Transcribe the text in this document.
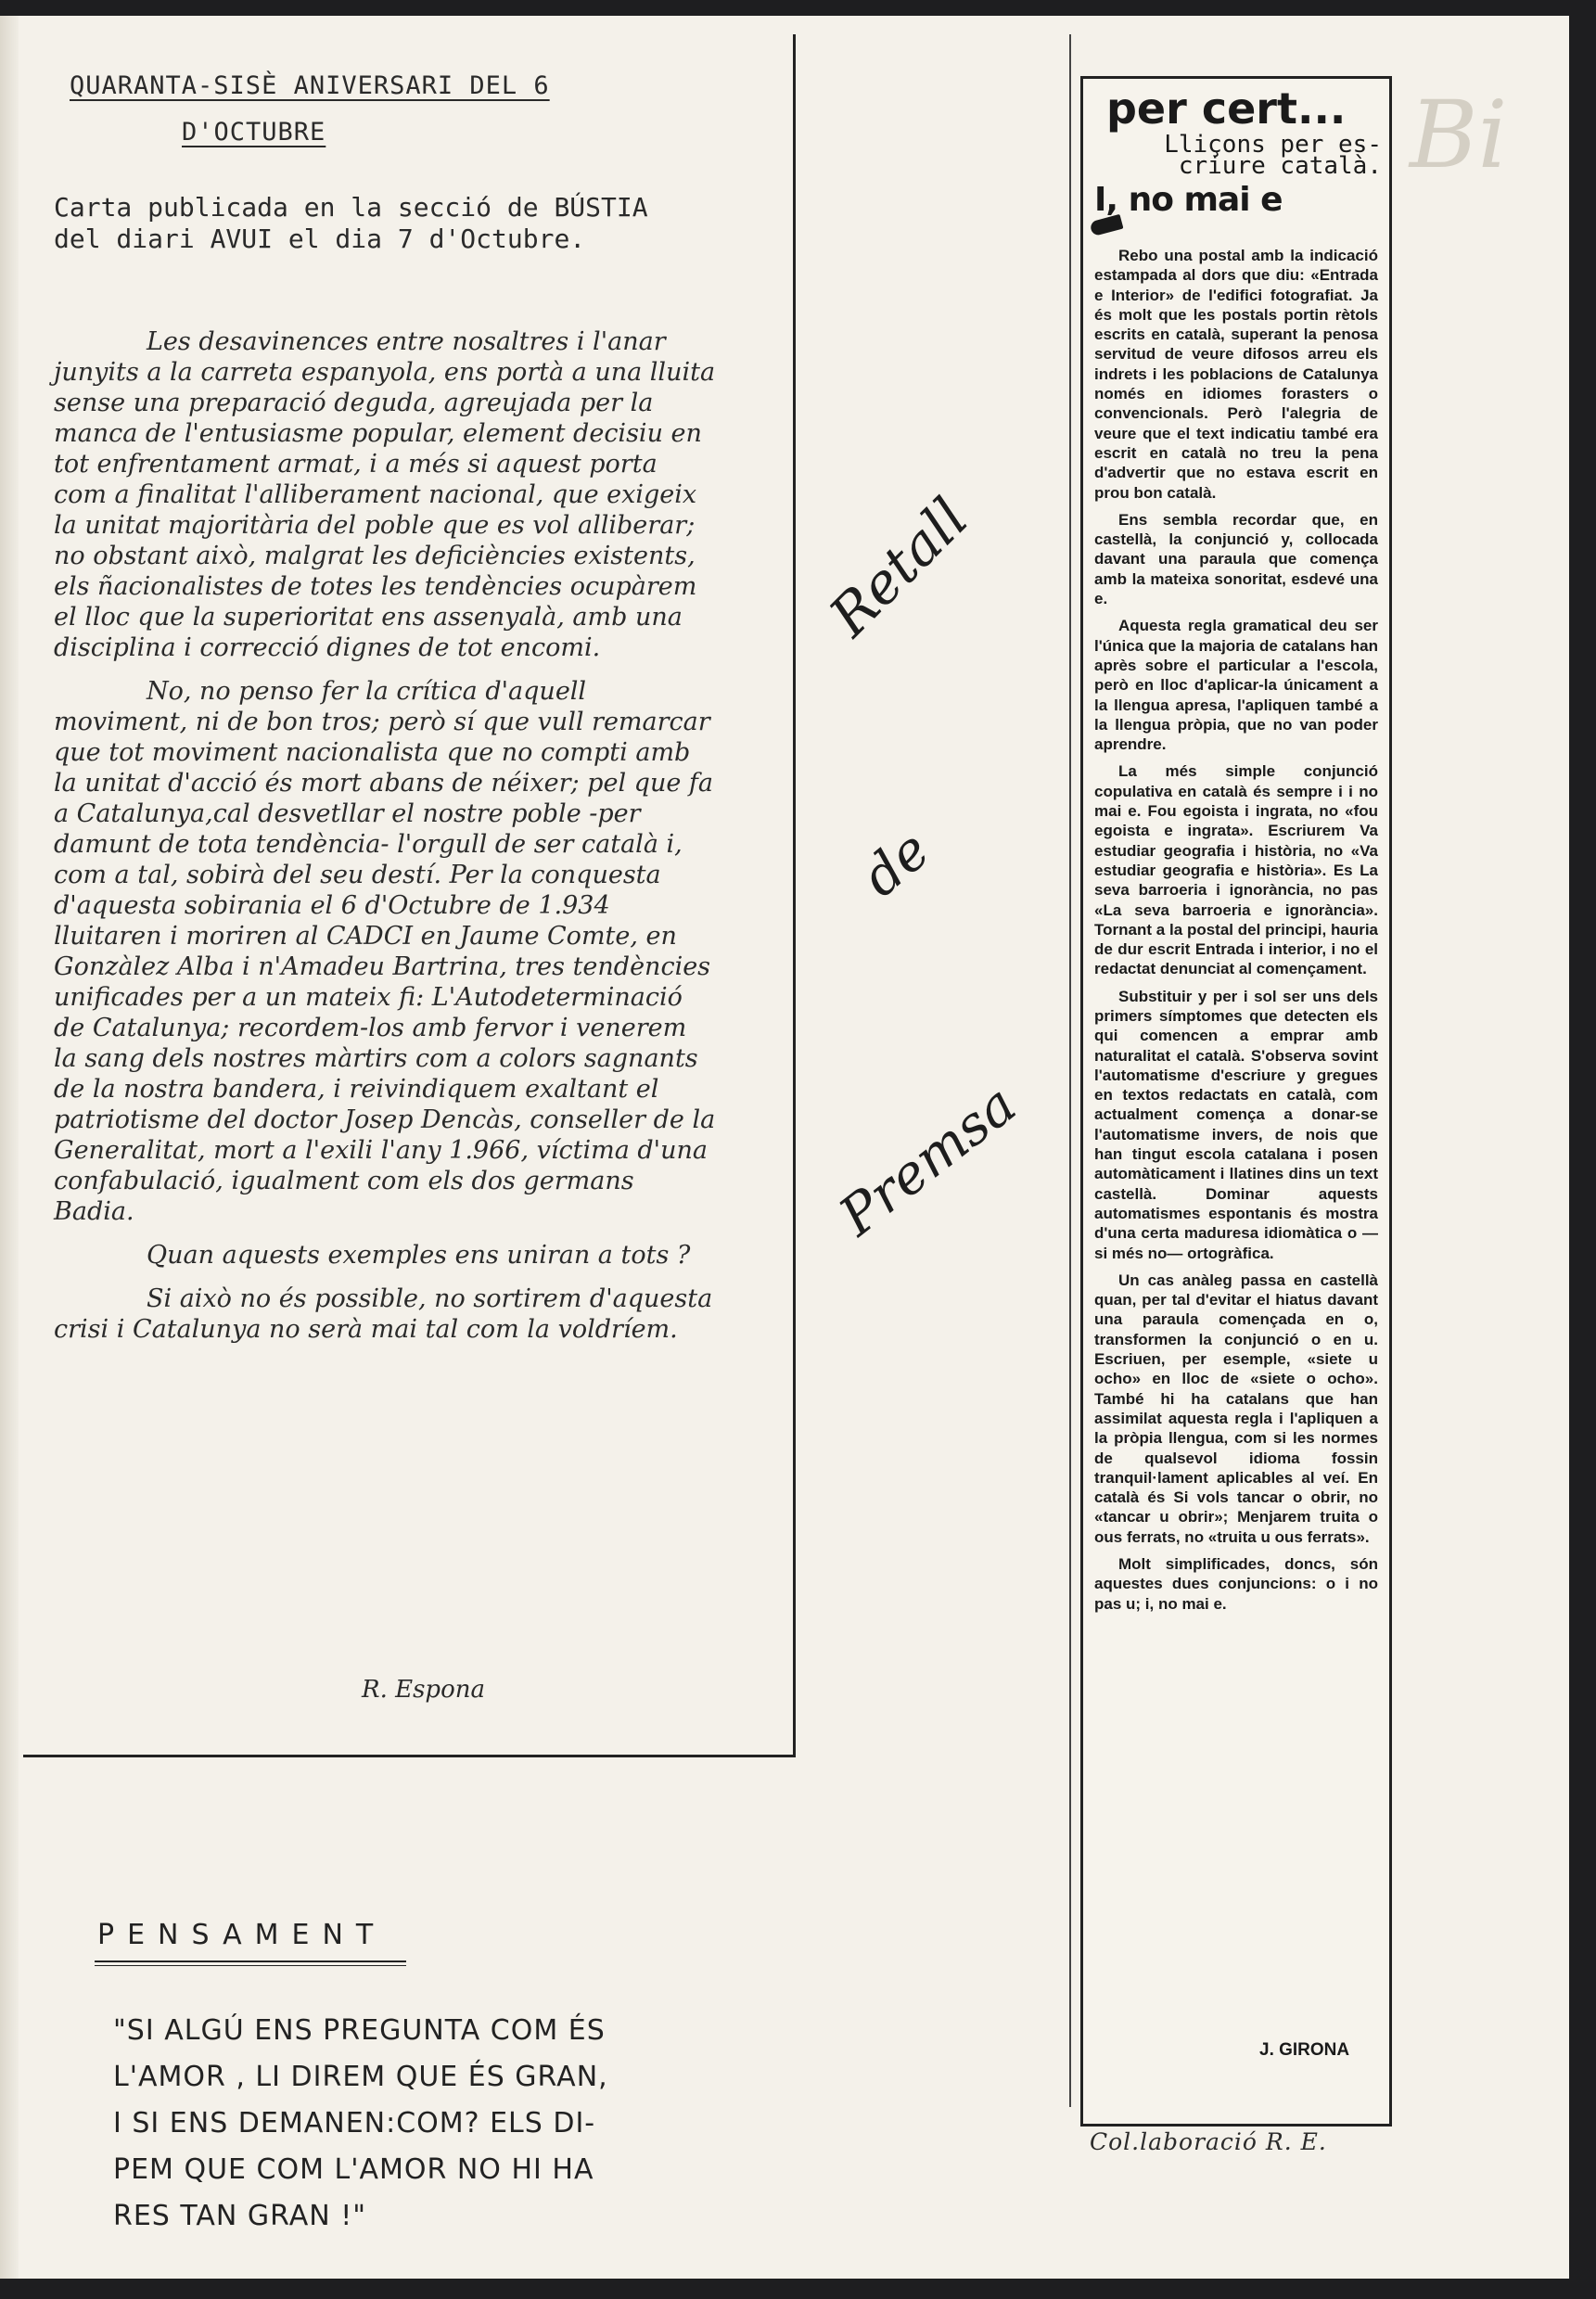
Bi
QUARANTA-SISÈ ANIVERSARI DEL 6
D'OCTUBRE
Carta publicada en la secció de BÚSTIA del diari AVUI el dia 7 d'Octubre.

Les desavinences entre nosaltres i l'anar junyits a la carreta espanyola, ens portà a una lluita sense una preparació deguda, agreujada per la manca de l'entusiasme popular, element decisiu en tot enfrentament armat, i a més si aquest porta com a finalitat l'alliberament nacional, que exigeix la unitat majoritària del poble que es vol alliberar; no obstant això, malgrat les deficiències existents, els ñacionalistes de totes les tendències ocupàrem el lloc que la superioritat ens assenyalà, amb una disciplina i correcció dignes de tot encomi.

No, no penso fer la crítica d'aquell moviment, ni de bon tros; però sí que vull remarcar que tot moviment nacionalista que no compti amb la unitat d'acció és mort abans de néixer; pel que fa a Catalunya,cal desvetllar el nostre poble -per damunt de tota tendència- l'orgull de ser català i, com a tal, sobirà del seu destí. Per la conquesta d'aquesta sobirania el 6 d'Octubre de 1.934 lluitaren i moriren al CADCI en Jaume Comte, en Gonzàlez Alba i n'Amadeu Bartrina, tres tendències unificades per a un mateix fi: L'Autodeterminació de Catalunya; recordem-los amb fervor i venerem la sang dels nostres màrtirs com a colors sagnants de la nostra bandera, i reivindiquem exaltant el patriotisme del doctor Josep Dencàs, conseller de la Generalitat, mort a l'exili l'any 1.966, víctima d'una confabulació, igualment com els dos germans Badia.

Quan aquests exemples ens uniran a tots ?

Si això no és possible, no sortirem d'aquesta crisi i Catalunya no serà mai tal com la voldríem.

R. Espona
PENSAMENT
"SI ALGÚ ENS PREGUNTA COM ÉS
L'AMOR , LI DIREM QUE ÉS GRAN,
I SI ENS DEMANEN:COM? ELS DI-
PEM QUE COM L'AMOR NO HI HA
RES TAN GRAN !"
Retall
de
Premsa
per cert...
Lliçons per es-
criure català.
I, no mai e

Rebo una postal amb la indicació estampada al dors que diu: «Entrada e Interior» de l'edifici fotografiat. Ja és molt que les postals portin rètols escrits en català, superant la penosa servitud de veure difosos arreu els indrets i les poblacions de Catalunya només en idiomes forasters o convencionals. Però l'alegria de veure que el text indicatiu també era escrit en català no treu la pena d'advertir que no estava escrit en prou bon català.

Ens sembla recordar que, en castellà, la conjunció y, collocada davant una paraula que comença amb la mateixa sonoritat, esdevé una e.

Aquesta regla gramatical deu ser l'única que la majoria de catalans han après sobre el particular a l'escola, però en lloc d'aplicar-la únicament a la llengua apresa, l'apliquen també a la llengua pròpia, que no van poder aprendre.

La més simple conjunció copulativa en català és sempre i i no mai e. Fou egoista i ingrata, no «fou egoista e ingrata». Escriurem Va estudiar geografia i història, no «Va estudiar geografia e història». Es La seva barroeria i ignorància, no pas «La seva barroeria e ignorància». Tornant a la postal del principi, hauria de dur escrit Entrada i interior, i no el redactat denunciat al començament.

Substituir y per i sol ser uns dels primers símptomes que detecten els qui comencen a emprar amb naturalitat el català. S'observa sovint l'automatisme d'escriure y gregues en textos redactats en català, com actualment comença a donar-se l'automatisme invers, de nois que han tingut escola catalana i posen automàticament i llatines dins un text castellà. Dominar aquests automatismes espontanis és mostra d'una certa maduresa idiomàtica o —si més no— ortogràfica.

Un cas anàleg passa en castellà quan, per tal d'evitar el hiatus davant una paraula començada en o, transformen la conjunció o en u. Escriuen, per esemple, «siete u ocho» en lloc de «siete o ocho». També hi ha catalans que han assimilat aquesta regla i l'apliquen a la pròpia llengua, com si les normes de qualsevol idioma fossin tranquil·lament aplicables al veí. En català és Si vols tancar o obrir, no «tancar u obrir»; Menjarem truita o ous ferrats, no «truita u ous ferrats».

Molt simplificades, doncs, són aquestes dues conjuncions: o i no pas u; i, no mai e.

J. GIRONA
Col.laboració R. E.
